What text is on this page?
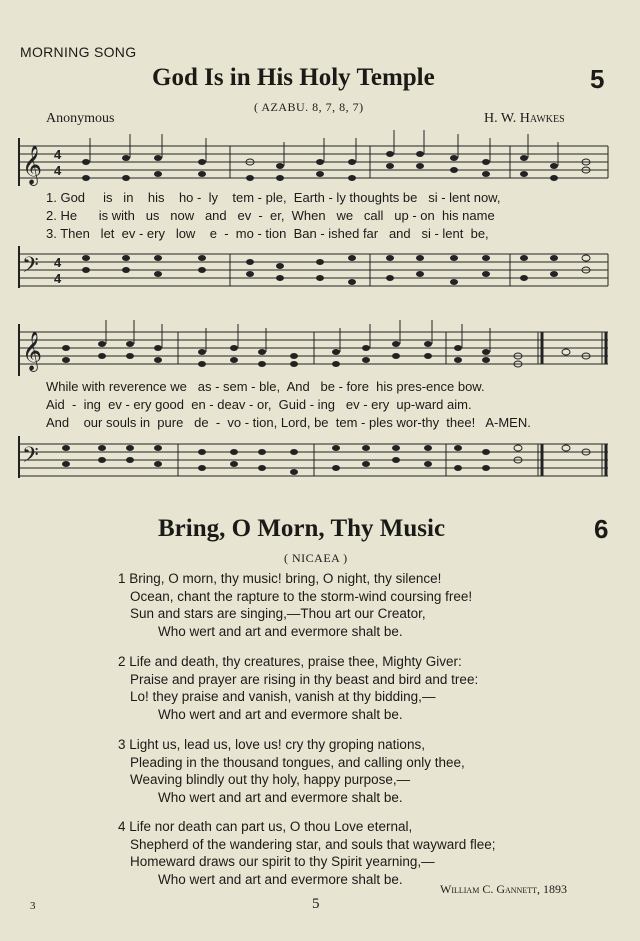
MORNING SONG
God Is in His Holy Temple	5
( AZABU. 8, 7, 8, 7)
Anonymous	H. W. Hawkes
𝄞 4
4
1. God     is   in    his    ho -  ly    tem - ple,  Earth - ly thoughts be   si - lent now,
2. He      is with   us   now   and   ev  -  er,  When   we   call   up - on  his name
3. Then   let  ev - ery   low    e  -  mo - tion  Ban - ished far   and   si - lent  be,
𝄢 4
4
𝄞
While with reverence we   as - sem - ble,  And   be - fore  his pres-ence bow.
Aid  -  ing  ev - ery good  en - deav - or,  Guid - ing   ev - ery  up-ward aim.
And    our souls in  pure   de  -  vo - tion, Lord, be  tem - ples wor-thy  thee!   A-MEN.
𝄢
Bring, O Morn, Thy Music	6
( NICAEA )
1 Bring, O morn, thy music! bring, O night, thy silence!
Ocean, chant the rapture to the storm-wind coursing free!
Sun and stars are singing,—Thou art our Creator,
Who wert and art and evermore shalt be.
2 Life and death, thy creatures, praise thee, Mighty Giver:
Praise and prayer are rising in thy beast and bird and tree:
Lo! they praise and vanish, vanish at thy bidding,—
Who wert and art and evermore shalt be.
3 Light us, lead us, love us! cry thy groping nations,
Pleading in the thousand tongues, and calling only thee,
Weaving blindly out thy holy, happy purpose,—
Who wert and art and evermore shalt be.
4 Life nor death can part us, O thou Love eternal,
Shepherd of the wandering star, and souls that wayward flee;
Homeward draws our spirit to thy Spirit yearning,—
Who wert and art and evermore shalt be.
William C. Gannett, 1893
3	5
